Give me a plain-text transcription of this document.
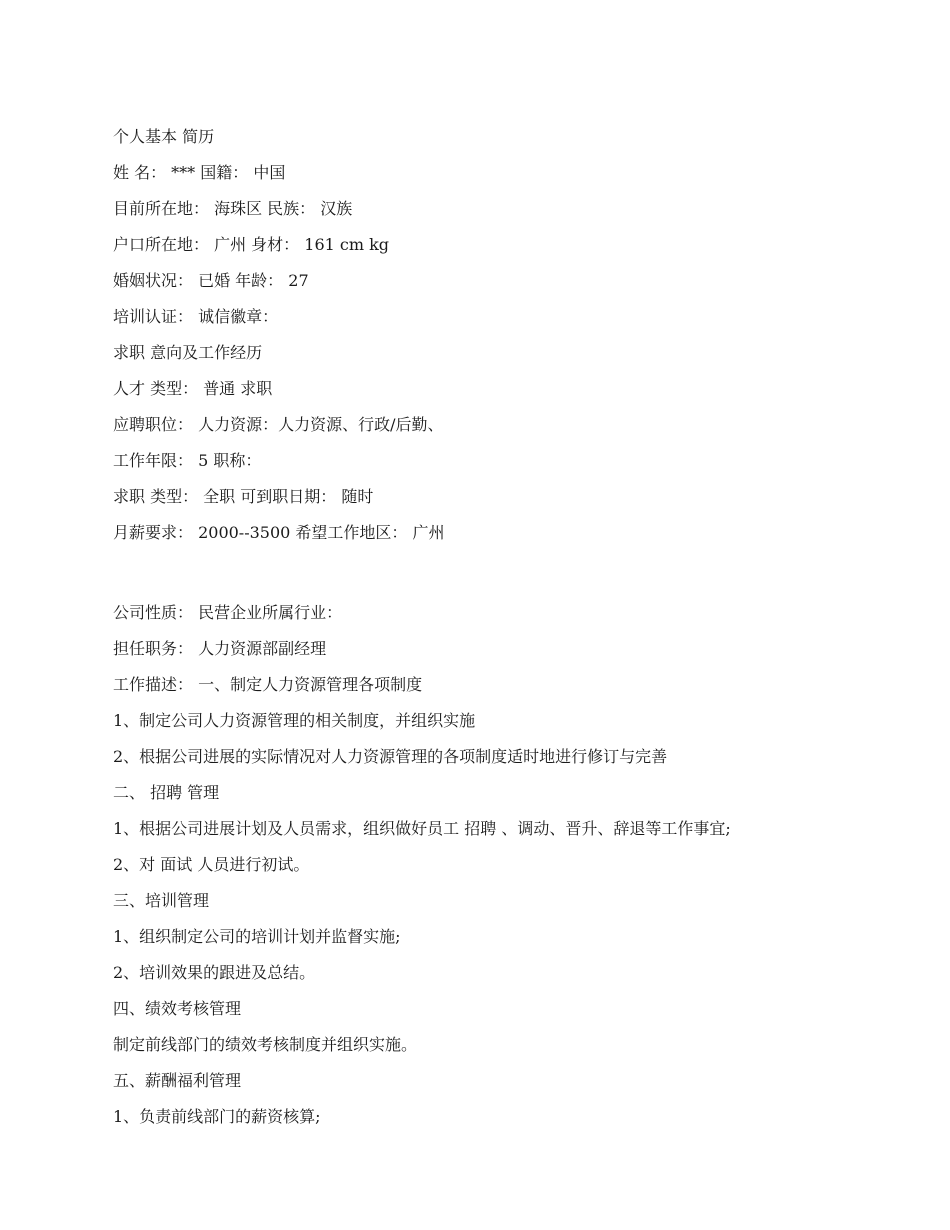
个人基本 简历
姓 名： *** 国籍： 中国
目前所在地： 海珠区 民族： 汉族
户口所在地： 广州 身材： 161 cm kg
婚姻状况： 已婚 年龄： 27
培训认证： 诚信徽章：
求职 意向及工作经历
人才 类型： 普通 求职
应聘职位： 人力资源：人力资源、行政/后勤、
工作年限： 5 职称：
求职 类型： 全职 可到职日期： 随时
月薪要求： 2000--3500 希望工作地区： 广州
公司性质： 民营企业所属行业：
担任职务： 人力资源部副经理
工作描述： 一、制定人力资源管理各项制度
1、制定公司人力资源管理的相关制度，并组织实施
2、根据公司进展的实际情况对人力资源管理的各项制度适时地进行修订与完善
二、 招聘 管理
1、根据公司进展计划及人员需求，组织做好员工 招聘 、调动、晋升、辞退等工作事宜;
2、对 面试 人员进行初试。
三、培训管理
1、组织制定公司的培训计划并监督实施;
2、培训效果的跟进及总结。
四、绩效考核管理
制定前线部门的绩效考核制度并组织实施。
五、薪酬福利管理
1、负责前线部门的薪资核算;
